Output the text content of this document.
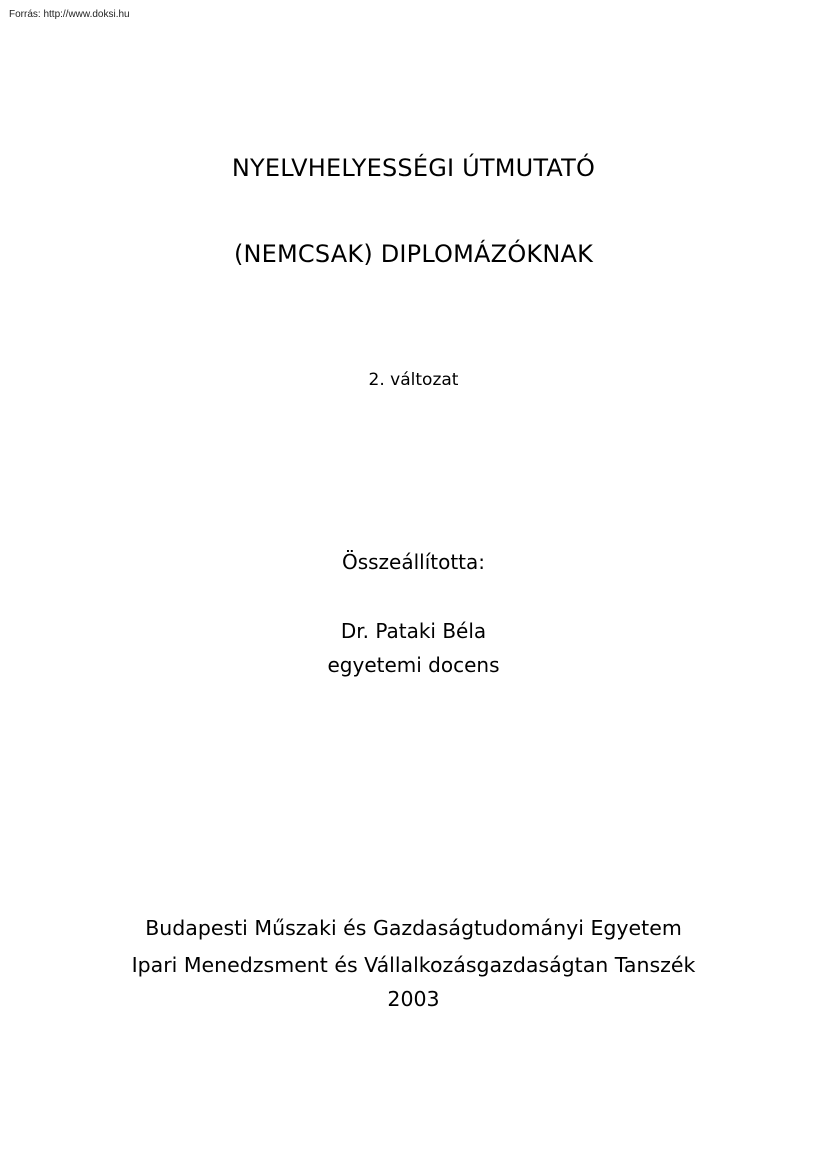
Forrás: http://www.doksi.hu
NYELVHELYESSÉGI ÚTMUTATÓ
(NEMCSAK) DIPLOMÁZÓKNAK
2. változat
Összeállította:
Dr. Pataki Béla
egyetemi docens
Budapesti Műszaki és Gazdaságtudományi Egyetem
Ipari Menedzsment és Vállalkozásgazdaságtan Tanszék
2003
